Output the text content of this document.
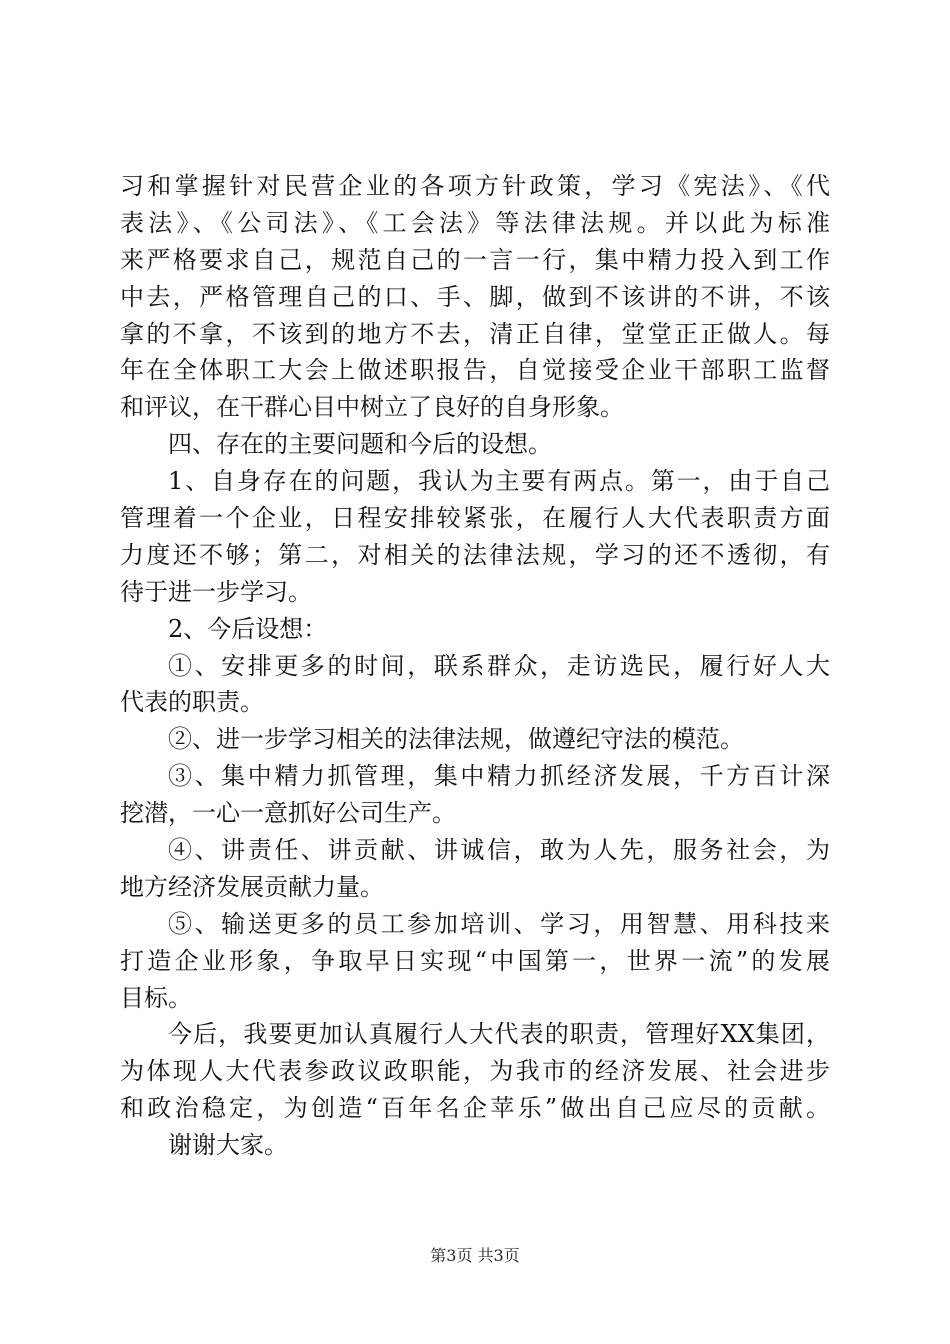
习和掌握针对民营企业的各项方针政策，学习《宪法》、《代
表法》、《公司法》、《工会法》等法律法规。并以此为标准
来严格要求自己，规范自己的一言一行，集中精力投入到工作
中去，严格管理自己的口、手、脚，做到不该讲的不讲，不该
拿的不拿，不该到的地方不去，清正自律，堂堂正正做人。每
年在全体职工大会上做述职报告，自觉接受企业干部职工监督
和评议，在干群心目中树立了良好的自身形象。
四、存在的主要问题和今后的设想。
1、自身存在的问题，我认为主要有两点。第一，由于自己
管理着一个企业，日程安排较紧张，在履行人大代表职责方面
力度还不够；第二，对相关的法律法规，学习的还不透彻，有
待于进一步学习。
2、今后设想：
①、安排更多的时间，联系群众，走访选民，履行好人大
代表的职责。
②、进一步学习相关的法律法规，做遵纪守法的模范。
③、集中精力抓管理，集中精力抓经济发展，千方百计深
挖潜，一心一意抓好公司生产。
④、讲责任、讲贡献、讲诚信，敢为人先，服务社会，为
地方经济发展贡献力量。
⑤、输送更多的员工参加培训、学习，用智慧、用科技来
打造企业形象，争取早日实现“中国第一，世界一流”的发展
目标。
今后，我要更加认真履行人大代表的职责，管理好XX集团，
为体现人大代表参政议政职能，为我市的经济发展、社会进步
和政治稳定，为创造“百年名企苹乐”做出自己应尽的贡献。
谢谢大家。
第3页 共3页
